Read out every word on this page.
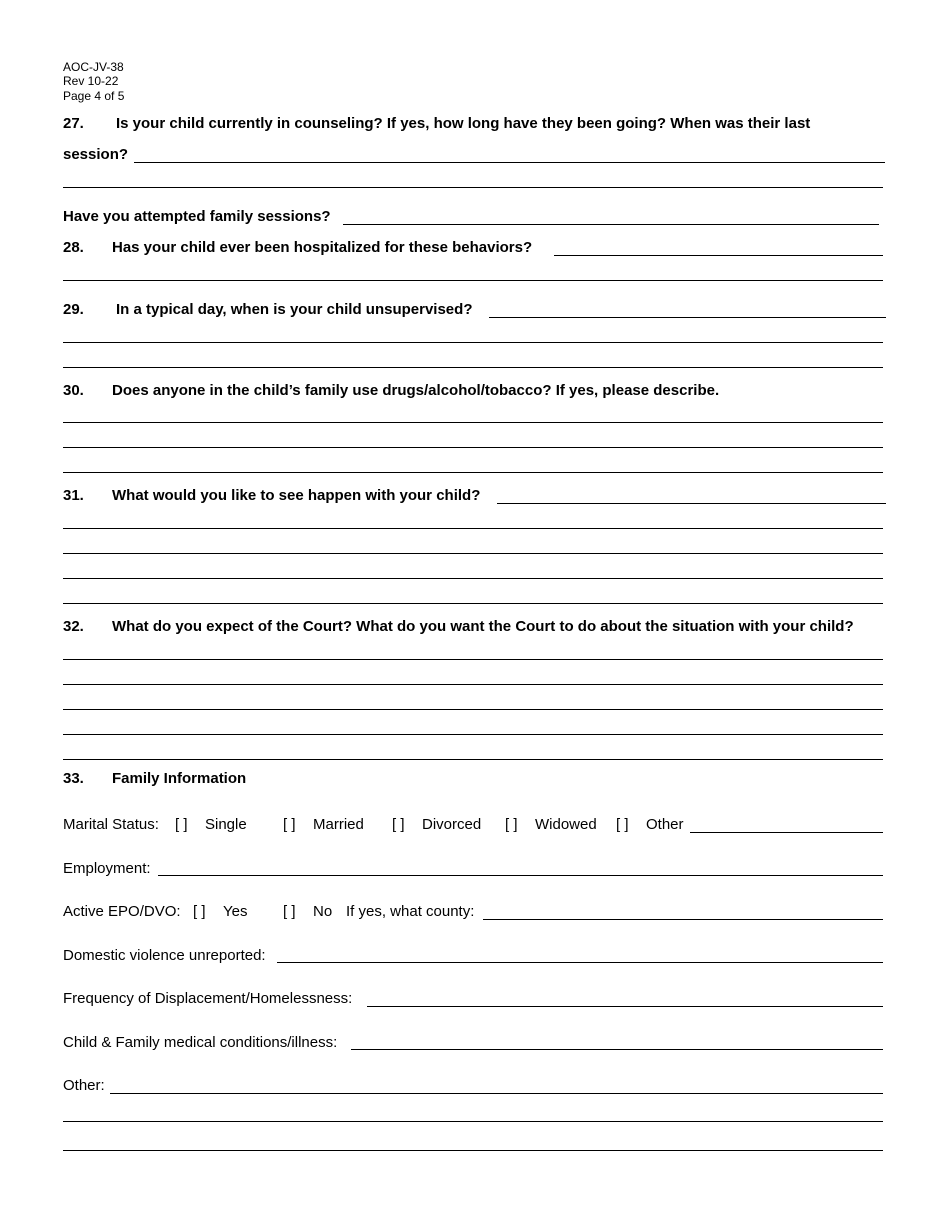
AOC-JV-38
Rev 10-22
Page 4 of 5
27. Is your child currently in counseling? If yes, how long have they been going? When was their last
session?
Have you attempted family sessions?
28. Has your child ever been hospitalized for these behaviors?
29. In a typical day, when is your child unsupervised?
30. Does anyone in the child’s family use drugs/alcohol/tobacco? If yes, please describe.
31. What would you like to see happen with your child?
32. What do you expect of the Court? What do you want the Court to do about the situation with your child?
33. Family Information
Marital Status: [ ] Single [ ] Married [ ] Divorced [ ] Widowed [ ] Other
Employment:
Active EPO/DVO: [ ] Yes [ ] No If yes, what county:
Domestic violence unreported:
Frequency of Displacement/Homelessness:
Child & Family medical conditions/illness:
Other:
